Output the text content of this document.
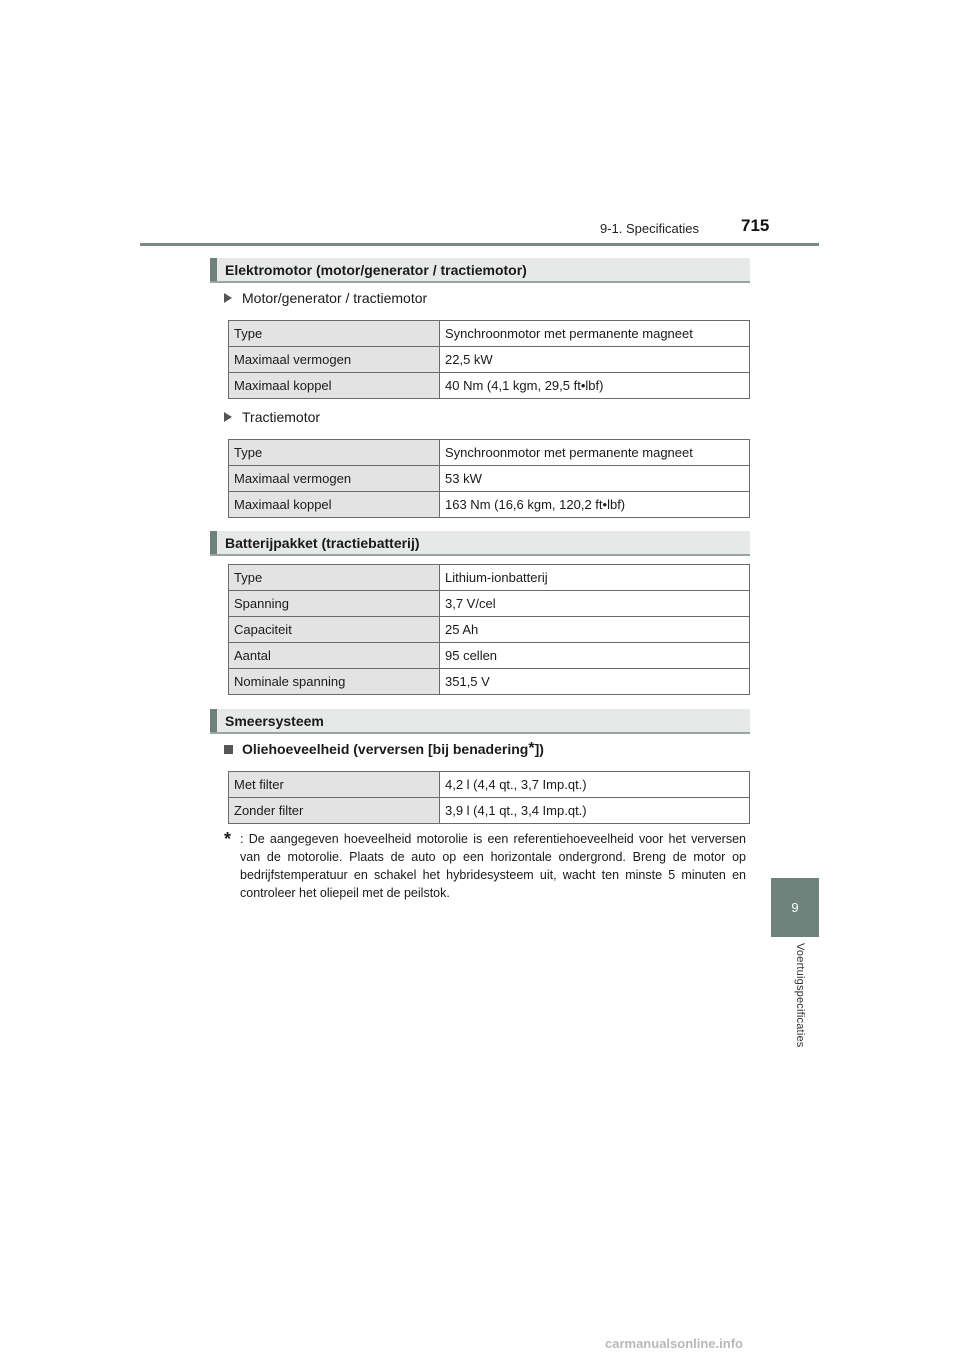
9-1. Specificaties 715
9
Voertuigspecificaties
Elektromotor (motor/generator / tractiemotor)
Motor/generator / tractiemotor
Type	Synchroonmotor met permanente magneet
Maximaal vermogen	22,5 kW
Maximaal koppel	40 Nm (4,1 kgm, 29,5 ft•lbf)
Tractiemotor
Type	Synchroonmotor met permanente magneet
Maximaal vermogen	53 kW
Maximaal koppel	163 Nm (16,6 kgm, 120,2 ft•lbf)
Batterijpakket (tractiebatterij)
Type	Lithium-ionbatterij
Spanning	3,7 V/cel
Capaciteit	25 Ah
Aantal	95 cellen
Nominale spanning	351,5 V
Smeersysteem
Oliehoeveelheid (verversen [bij benadering * ])
Met filter	4,2 l (4,4 qt., 3,7 Imp.qt.)
Zonder filter	3,9 l (4,1 qt., 3,4 Imp.qt.)
* : De aangegeven hoeveelheid motorolie is een referentiehoeveelheid voor het verversen van de motorolie. Plaats de auto op een horizontale ondergrond. Breng de motor op bedrijfstemperatuur en schakel het hybridesysteem uit, wacht ten minste 5 minuten en controleer het oliepeil met de peilstok.
carmanualsonline.info
